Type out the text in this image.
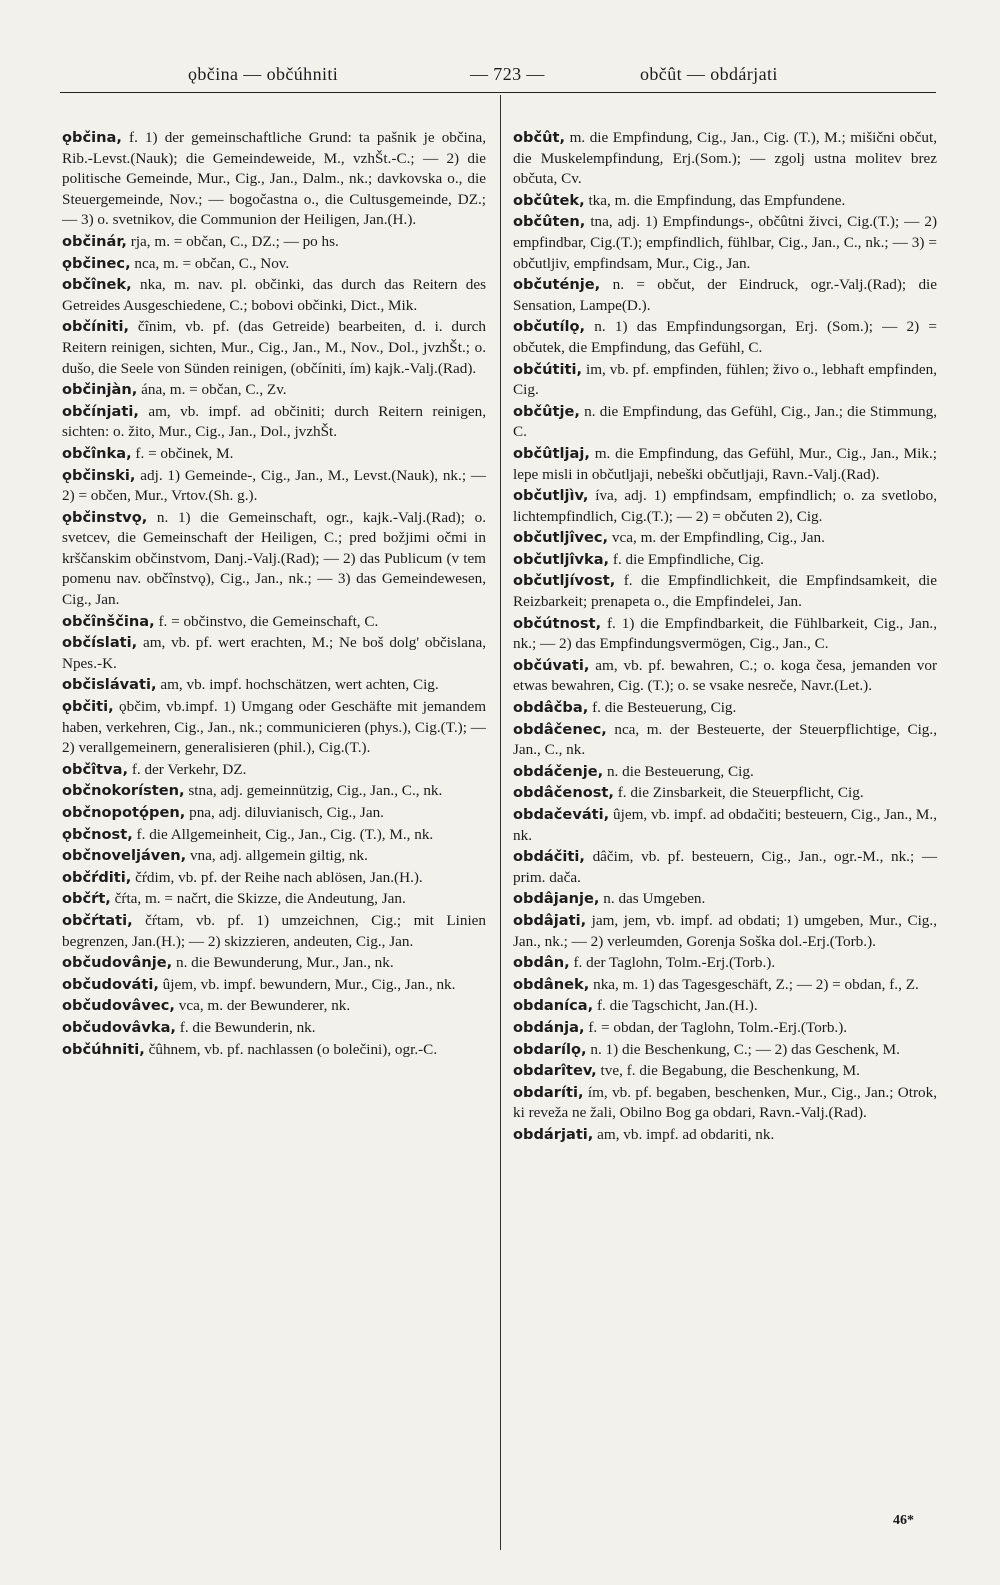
ǫbčina — občúhniti	— 723 —	občût — obdárjati

ǫbčina, f. 1) der gemeinschaftliche Grund: ta pašnik je občina, Rib.-Levst.(Nauk); die Gemeindeweide, M., vzhŠt.-C.; — 2) die politische Gemeinde, Mur., Cig., Jan., Dalm., nk.; davkovska o., die Steuergemeinde, Nov.; — bogočastna o., die Cultusgemeinde, DZ.; — 3) o. svetnikov, die Communion der Heiligen, Jan.(H.).

občinár, rja, m. = občan, C., DZ.; — po hs.

ǫbčinec, nca, m. = občan, C., Nov.

občînek, nka, m. nav. pl. občinki, das durch das Reitern des Getreides Ausgeschiedene, C.; bobovi občinki, Dict., Mik.

občíniti, čînim, vb. pf. (das Getreide) bearbeiten, d. i. durch Reitern reinigen, sichten, Mur., Cig., Jan., M., Nov., Dol., jvzhŠt.; o. dušo, die Seele von Sünden reinigen, (občíniti, ím) kajk.-Valj.(Rad).

občinjàn, ána, m. = občan, C., Zv.

občínjati, am, vb. impf. ad občiniti; durch Reitern reinigen, sichten: o. žito, Mur., Cig., Jan., Dol., jvzhŠt.

občînka, f. = občinek, M.

ǫbčinski, adj. 1) Gemeinde-, Cig., Jan., M., Levst.(Nauk), nk.; — 2) = občen, Mur., Vrtov.(Sh. g.).

ǫbčinstvǫ, n. 1) die Gemeinschaft, ogr., kajk.-Valj.(Rad); o. svetcev, die Gemeinschaft der Heiligen, C.; pred božjimi očmi in krščanskim občinstvom, Danj.-Valj.(Rad); — 2) das Publicum (v tem pomenu nav. občînstvǫ), Cig., Jan., nk.; — 3) das Gemeindewesen, Cig., Jan.

občînščina, f. = občinstvo, die Gemeinschaft, C.

občíslati, am, vb. pf. wert erachten, M.; Ne boš dolg' občislana, Npes.-K.

občislávati, am, vb. impf. hochschätzen, wert achten, Cig.

ǫbčiti, ǫbčim, vb.impf. 1) Umgang oder Geschäfte mit jemandem haben, verkehren, Cig., Jan., nk.; communicieren (phys.), Cig.(T.); — 2) verallgemeinern, generalisieren (phil.), Cig.(T.).

občîtva, f. der Verkehr, DZ.

občnokorísten, stna, adj. gemeinnützig, Cig., Jan., C., nk.

občnopotǫ́pen, pna, adj. diluvianisch, Cig., Jan.

ǫbčnost, f. die Allgemeinheit, Cig., Jan., Cig. (T.), M., nk.

občnoveljáven, vna, adj. allgemein giltig, nk.

občŕditi, čŕdim, vb. pf. der Reihe nach ablösen, Jan.(H.).

občŕt, čŕta, m. = načrt, die Skizze, die Andeutung, Jan.

občŕtati, čŕtam, vb. pf. 1) umzeichnen, Cig.; mit Linien begrenzen, Jan.(H.); — 2) skizzieren, andeuten, Cig., Jan.

občudovânje, n. die Bewunderung, Mur., Jan., nk.

občudováti, ûjem, vb. impf. bewundern, Mur., Cig., Jan., nk.

občudovâvec, vca, m. der Bewunderer, nk.

občudovâvka, f. die Bewunderin, nk.

občúhniti, čûhnem, vb. pf. nachlassen (o bolečini), ogr.-C.

občût, m. die Empfindung, Cig., Jan., Cig. (T.), M.; mišični občut, die Muskelempfindung, Erj.(Som.); — zgolj ustna molitev brez občuta, Cv.

občûtek, tka, m. die Empfindung, das Empfundene.

občûten, tna, adj. 1) Empfindungs-, občûtni živci, Cig.(T.); — 2) empfindbar, Cig.(T.); empfindlich, fühlbar, Cig., Jan., C., nk.; — 3) = občutljiv, empfindsam, Mur., Cig., Jan.

občuténje, n. = občut, der Eindruck, ogr.-Valj.(Rad); die Sensation, Lampe(D.).

občutílǫ, n. 1) das Empfindungsorgan, Erj. (Som.); — 2) = občutek, die Empfindung, das Gefühl, C.

občútiti, im, vb. pf. empfinden, fühlen; živo o., lebhaft empfinden, Cig.

občûtje, n. die Empfindung, das Gefühl, Cig., Jan.; die Stimmung, C.

občûtljaj, m. die Empfindung, das Gefühl, Mur., Cig., Jan., Mik.; lepe misli in občutljaji, nebeški občutljaji, Ravn.-Valj.(Rad).

občutljìv, íva, adj. 1) empfindsam, empfindlich; o. za svetlobo, lichtempfindlich, Cig.(T.); — 2) = občuten 2), Cig.

občutljîvec, vca, m. der Empfindling, Cig., Jan.

občutljîvka, f. die Empfindliche, Cig.

občutljívost, f. die Empfindlichkeit, die Empfindsamkeit, die Reizbarkeit; prenapeta o., die Empfindelei, Jan.

občútnost, f. 1) die Empfindbarkeit, die Fühlbarkeit, Cig., Jan., nk.; — 2) das Empfindungsvermögen, Cig., Jan., C.

občúvati, am, vb. pf. bewahren, C.; o. koga česa, jemanden vor etwas bewahren, Cig. (T.); o. se vsake nesreče, Navr.(Let.).

obdâčba, f. die Besteuerung, Cig.

obdâčenec, nca, m. der Besteuerte, der Steuerpflichtige, Cig., Jan., C., nk.

obdáčenje, n. die Besteuerung, Cig.

obdâčenost, f. die Zinsbarkeit, die Steuerpflicht, Cig.

obdačeváti, ûjem, vb. impf. ad obdačiti; besteuern, Cig., Jan., M., nk.

obdáčiti, dâčim, vb. pf. besteuern, Cig., Jan., ogr.-M., nk.; — prim. dača.

obdâjanje, n. das Umgeben.

obdâjati, jam, jem, vb. impf. ad obdati; 1) umgeben, Mur., Cig., Jan., nk.; — 2) verleumden, Gorenja Soška dol.-Erj.(Torb.).

obdân, f. der Taglohn, Tolm.-Erj.(Torb.).

obdânek, nka, m. 1) das Tagesgeschäft, Z.; — 2) = obdan, f., Z.

obdaníca, f. die Tagschicht, Jan.(H.).

obdánja, f. = obdan, der Taglohn, Tolm.-Erj.(Torb.).

obdarílǫ, n. 1) die Beschenkung, C.; — 2) das Geschenk, M.

obdarîtev, tve, f. die Begabung, die Beschenkung, M.

obdaríti, ím, vb. pf. begaben, beschenken, Mur., Cig., Jan.; Otrok, ki reveža ne žali, Obilno Bog ga obdari, Ravn.-Valj.(Rad).

obdárjati, am, vb. impf. ad obdariti, nk.

46*
